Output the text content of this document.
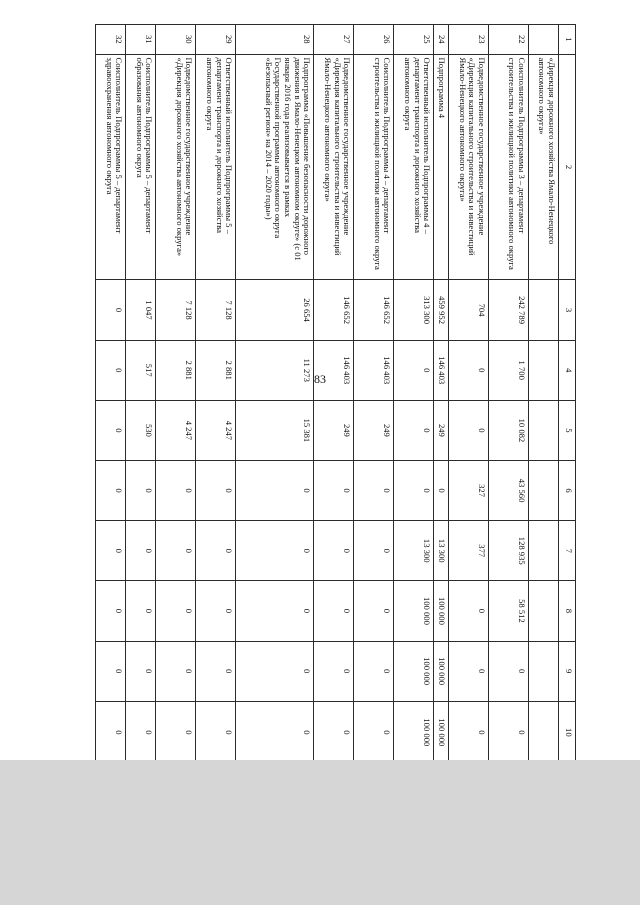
83
1	2	3	4	5	6	7	8	9	10
	«Дирекция дорожного хозяйства Ямало-Ненецкого автономного округа»								
22	Соисполнитель Подпрограммы 3 – департамент строительства и жилищной политики автономного округа	242 789	1 700	10 082	43 560	128 935	58 512	0	0
23	Подведомственное государственное учреждение «Дирекция капитального строительства и инвестиций Ямало-Ненецкого автономного округа»	704	0	0	327	377	0	0	0
24	Подпрограмма 4	459 952	146 403	249	0	13 300	100 000	100 000	100 000
25	Ответственный исполнитель Подпрограммы 4 – департамент транспорта и дорожного хозяйства автономного округа	313 300	0	0	0	13 300	100 000	100 000	100 000
26	Соисполнитель Подпрограммы 4 – департамент строительства и жилищной политики автономного округа	146 652	146 403	249	0	0	0	0	0
27	Подведомственное государственное учреждение «Дирекция капитального строительства и инвестиций Ямало-Ненецкого автономного округа»	146 652	146 403	249	0	0	0	0	0
28	Подпрограмма «Повышение безопасности дорожного движения в Ямало-Ненецком автономном округе» (с 01 января 2016 года реализовывается в рамках Государственной программы автономного округа «Безопасный регион» на 2014 – 2020 годы»)	26 654	11 273	15 381	0	0	0	0	0
29	Ответственный исполнитель Подпрограммы 5 – департамент транспорта и дорожного хозяйства автономного округа	7 128	2 881	4 247	0	0	0	0	0
30	Подведомственное государственное учреждение «Дирекция дорожного хозяйства автономного округа»	7 128	2 881	4 247	0	0	0	0	0
31	Соисполнитель Подпрограммы 5 – департамент образования автономного округа	1 047	517	530	0	0	0	0	0
32	Соисполнитель Подпрограммы 5 – департамент здравоохранения автономного округа	0	0	0	0	0	0	0	0
